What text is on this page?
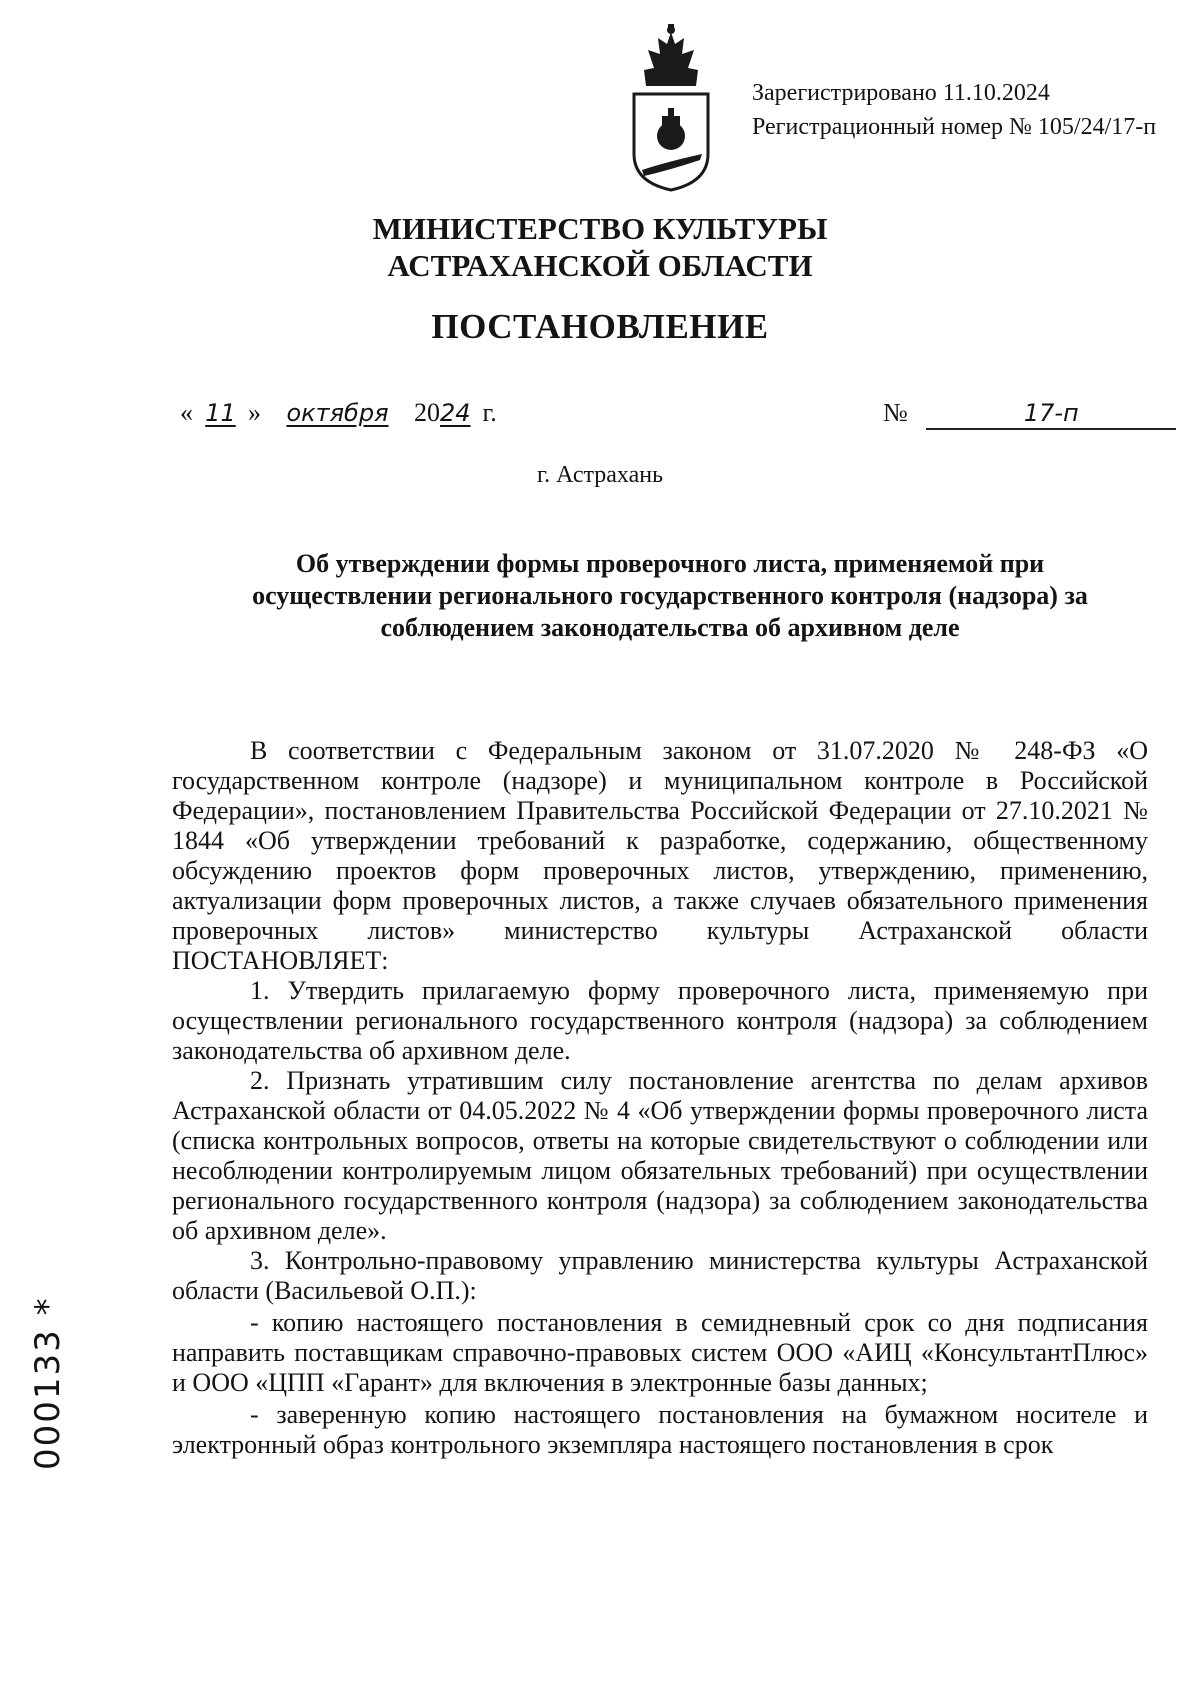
Зарегистрировано 11.10.2024
Регистрационный номер № 105/24/17-п
МИНИСТЕРСТВО КУЛЬТУРЫ
АСТРАХАНСКОЙ ОБЛАСТИ
ПОСТАНОВЛЕНИЕ
« 11 » октября 2024 г.	№	17-п
г. Астрахань
Об утверждении формы проверочного листа, применяемой при
осуществлении регионального государственного контроля (надзора) за
соблюдением законодательства об архивном деле

В соответствии с Федеральным законом от 31.07.2020 № 248-ФЗ «О государственном контроле (надзоре) и муниципальном контроле в Российской Федерации», постановлением Правительства Российской Федерации от 27.10.2021 № 1844 «Об утверждении требований к разработке, содержанию, общественному обсуждению проектов форм проверочных листов, утверждению, применению, актуализации форм проверочных листов, а также случаев обязательного применения проверочных листов» министерство культуры Астраханской области ПОСТАНОВЛЯЕТ:

1. Утвердить прилагаемую форму проверочного листа, применяемую при осуществлении регионального государственного контроля (надзора) за соблюдением законодательства об архивном деле.

2. Признать утратившим силу постановление агентства по делам архивов Астраханской области от 04.05.2022 № 4 «Об утверждении формы проверочного листа (списка контрольных вопросов, ответы на которые свидетельствуют о соблюдении или несоблюдении контролируемым лицом обязательных требований) при осуществлении регионального государственного контроля (надзора) за соблюдением законодательства об архивном деле».

3. Контрольно-правовому управлению министерства культуры Астраханской области (Васильевой О.П.):

- копию настоящего постановления в семидневный срок со дня подписания направить поставщикам справочно-правовых систем ООО «АИЦ «КонсультантПлюс» и ООО «ЦПП «Гарант» для включения в электронные базы данных;

- заверенную копию настоящего постановления на бумажном носителе и электронный образ контрольного экземпляра настоящего постановления в срок

000133 *
